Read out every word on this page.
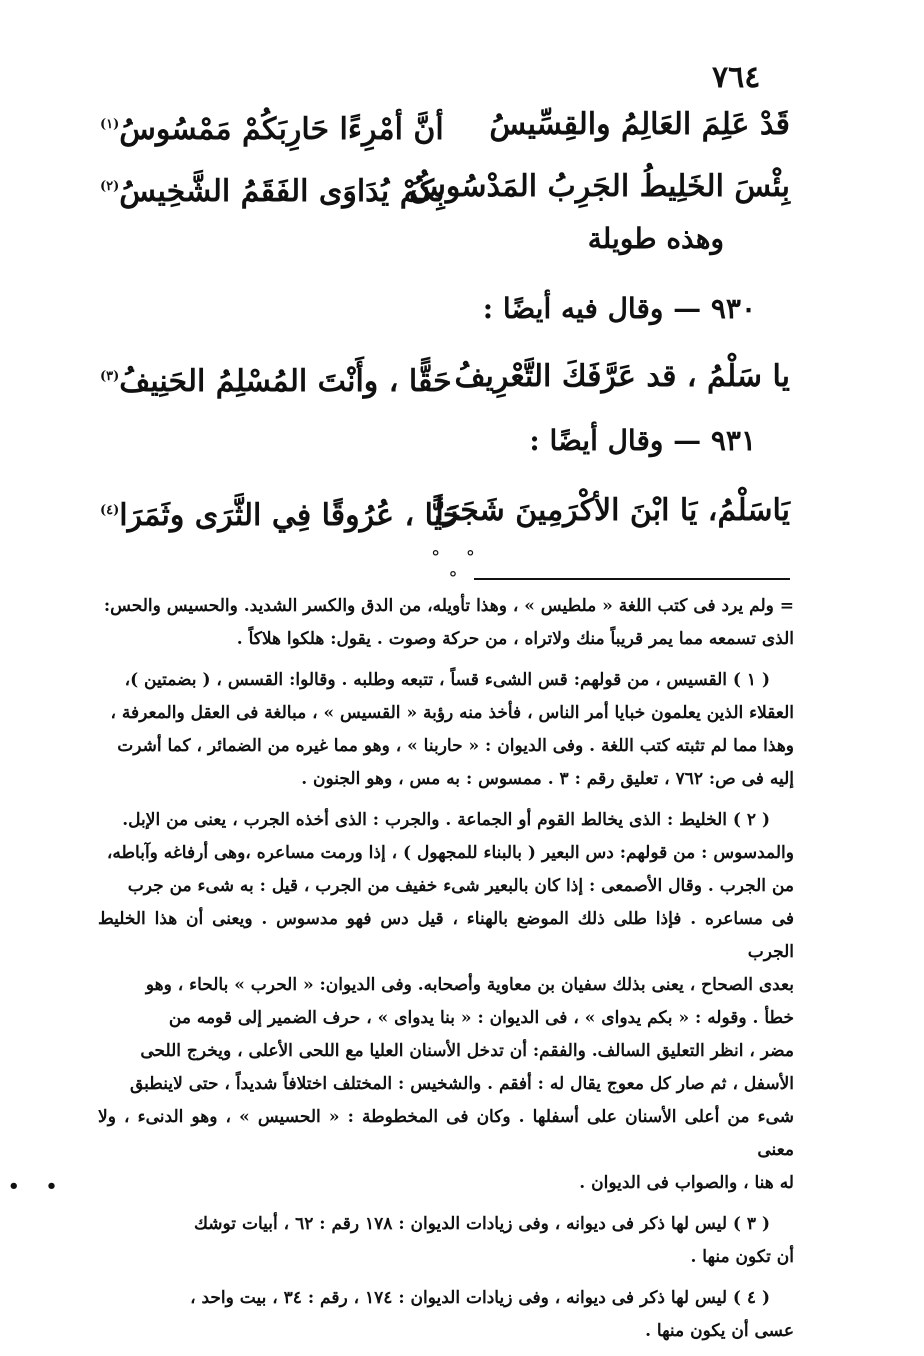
٧٦٤
قَدْ عَلِمَ العَالِمُ والقِسِّيسُ
أنَّ أمْرِءًا حَارِبَكُمْ مَمْسُوسُ$^{(١)}$
بِئْسَ الخَلِيطُ الجَرِبُ المَدْسُوسُ
بِكُمْ يُدَاوَى الفَقَمُ الشَّخِيسُ$^{(٢)}$
وهذه طويلة
٩٣٠ — وقال فيه أيضًا :
يا سَلْمُ ، قد عَرَّفَكَ التَّعْرِيفُ
حَقًّا ، وأَنْتَ المُسْلِمُ الحَنِيفُ$^{(٣)}$
٩٣١ — وقال أيضًا :
يَاسَلْمُ، يَا ابْنَ الأكْرَمِينَ شَجَرَا
حَيًّا ، عُرُوقًا فِي الثَّرَى وثَمَرَا$^{(٤)}$
° ° °

= ولم يرد فى كتب اللغة « ملطيس » ، وهذا تأويله، من الدق والكسر الشديد. والحسيس والحس:

الذى تسمعه مما يمر قريباً منك ولاتراه ، من حركة وصوت . يقول: هلكوا هلاكاً .

( ١ ) القسيس ، من قولهم: قس الشىء قساً ، تتبعه وطلبه . وقالوا: القسس ، ( بضمتين )،

العقلاء الذين يعلمون خبايا أمر الناس ، فأخذ منه رؤبة « القسيس » ، مبالغة فى العقل والمعرفة ،

وهذا مما لم تثبته كتب اللغة . وفى الديوان : « حاربنا » ، وهو مما غيره من الضمائر ، كما أشرت

إليه فى ص: ٧٦٢ ، تعليق رقم : ٣ . ممسوس : به مس ، وهو الجنون .

( ٢ ) الخليط : الذى يخالط القوم أو الجماعة . والجرب : الذى أخذه الجرب ، يعنى من الإبل.

والمدسوس : من قولهم: دس البعير ( بالبناء للمجهول ) ، إذا ورمت مساعره ،وهى أرفاغه وآباطه،

من الجرب . وقال الأصمعى : إذا كان بالبعير شىء خفيف من الجرب ، قيل : به شىء من جرب

فى مساعره . فإذا طلى ذلك الموضع بالهناء ، قيل دس فهو مدسوس . ويعنى أن هذا الخليط الجرب

بعدى الصحاح ، يعنى بذلك سفيان بن معاوية وأصحابه. وفى الديوان: « الحرب » بالحاء ، وهو

خطأ . وقوله : « بكم يدواى » ، فى الديوان : « بنا يدواى » ، حرف الضمير إلى قومه من

مضر ، انظر التعليق السالف. والفقم: أن تدخل الأسنان العليا مع اللحى الأعلى ، ويخرج اللحى

الأسفل ، ثم صار كل معوج يقال له : أفقم . والشخيس : المختلف اختلافاً شديداً ، حتى لاينطبق

شىء من أعلى الأسنان على أسفلها . وكان فى المخطوطة : « الحسيس » ، وهو الدنىء ، ولا معنى

له هنا ، والصواب فى الديوان .

( ٣ ) ليس لها ذكر فى ديوانه ، وفى زيادات الديوان : ١٧٨ رقم : ٦٢ ، أبيات توشك

أن تكون منها .

( ٤ ) ليس لها ذكر فى ديوانه ، وفى زيادات الديوان : ١٧٤ ، رقم : ٣٤ ، بيت واحد ،

عسى أن يكون منها .

• •
